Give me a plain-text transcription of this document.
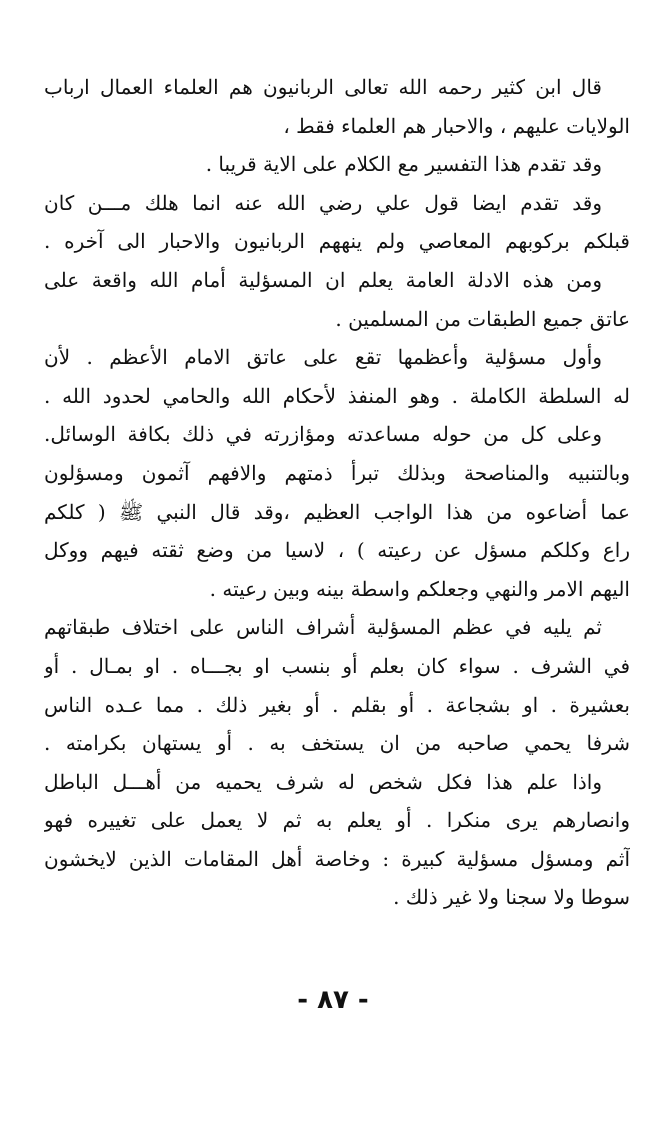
قال ابن كثير رحمه الله تعالى الربانيون هم العلماء العمال ارباب
الولايات عليهم ، والاحبار هم العلماء فقط ،
وقد تقدم هذا التفسير مع الكلام على الاية قريبا .
وقد تقدم ايضا قول علي رضي الله عنه انما هلك مـــن كان
قبلكم بركوبهم المعاصي ولم ينههم الربانيون والاحبار الى آخره .
ومن هذه الادلة العامة يعلم ان المسؤلية أمام الله واقعة على
عاتق جميع الطبقات من المسلمين .
وأول مسؤلية وأعظمها تقع على عاتق الامام الأعظم . لأن
له السلطة الكاملة . وهو المنفذ لأحكام الله والحامي لحدود الله .
وعلى كل من حوله مساعدته ومؤازرته في ذلك بكافة الوسائل.
وبالتنبيه والمناصحة وبذلك تبرأ ذمتهم والافهم آثمون ومسؤلون
عما أضاعوه من هذا الواجب العظيم ،وقد قال النبي ﷺ ( كلكم
راع وكلكم مسؤل عن رعيته ) ، لاسيا من وضع ثقته فيهم ووكل
اليهم الامر والنهي وجعلكم واسطة بينه وبين رعيته .
ثم يليه في عظم المسؤلية أشراف الناس على اختلاف طبقاتهم
في الشرف . سواء كان بعلم أو بنسب او بجـــاه . او بمـال . أو
بعشيرة . او بشجاعة . أو بقلم . أو بغير ذلك . مما عـده الناس
شرفا يحمي صاحبه من ان يستخف به . أو يستهان بكرامته .
واذا علم هذا فكل شخص له شرف يحميه من أهـــل الباطل
وانصارهم يرى منكرا . أو يعلم به ثم لا يعمل على تغييره فهو
آثم ومسؤل مسؤلية كبيرة : وخاصة أهل المقامات الذين لايخشون
سوطا ولا سجنا ولا غير ذلك .
- ٨٧ -
